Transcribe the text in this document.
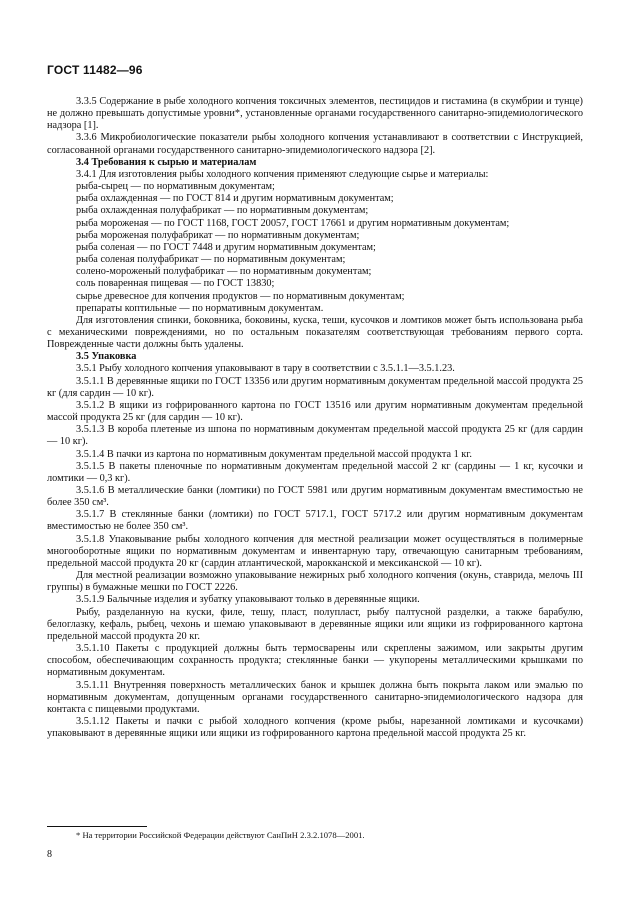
ГОСТ 11482—96

3.3.5 Содержание в рыбе холодного копчения токсичных элементов, пестицидов и гистамина (в скумбрии и тунце) не должно превышать допустимые уровни*, установленные органами государственного санитарно-эпидемиологического надзора [1].

3.3.6 Микробиологические показатели рыбы холодного копчения устанавливают в соответствии с Инструкцией, согласованной органами государственного санитарно-эпидемиологического надзора [2].

3.4 Требования к сырью и материалам

3.4.1 Для изготовления рыбы холодного копчения применяют следующие сырье и материалы:

рыба-сырец — по нормативным документам;

рыба охлажденная — по ГОСТ 814 и другим нормативным документам;

рыба охлажденная полуфабрикат — по нормативным документам;

рыба мороженая — по ГОСТ 1168, ГОСТ 20057, ГОСТ 17661 и другим нормативным документам;

рыба мороженая полуфабрикат — по нормативным документам;

рыба соленая — по ГОСТ 7448 и другим нормативным документам;

рыба соленая полуфабрикат — по нормативным документам;

солено-мороженый полуфабрикат — по нормативным документам;

соль поваренная пищевая — по ГОСТ 13830;

сырье древесное для копчения продуктов — по нормативным документам;

препараты коптильные — по нормативным документам.

Для изготовления спинки, боковника, боковины, куска, теши, кусочков и ломтиков может быть использована рыба с механическими повреждениями, но по остальным показателям соответствующая требованиям первого сорта. Поврежденные части должны быть удалены.

3.5 Упаковка

3.5.1 Рыбу холодного копчения упаковывают в тару в соответствии с 3.5.1.1—3.5.1.23.

3.5.1.1 В деревянные ящики по ГОСТ 13356 или другим нормативным документам предельной массой продукта 25 кг (для сардин — 10 кг).

3.5.1.2 В ящики из гофрированного картона по ГОСТ 13516 или другим нормативным документам предельной массой продукта 25 кг (для сардин — 10 кг).

3.5.1.3 В короба плетеные из шпона по нормативным документам предельной массой продукта 25 кг (для сардин — 10 кг).

3.5.1.4 В пачки из картона по нормативным документам предельной массой продукта 1 кг.

3.5.1.5 В пакеты пленочные по нормативным документам предельной массой 2 кг (сардины — 1 кг, кусочки и ломтики — 0,3 кг).

3.5.1.6 В металлические банки (ломтики) по ГОСТ 5981 или другим нормативным документам вместимостью не более 350 см³.

3.5.1.7 В стеклянные банки (ломтики) по ГОСТ 5717.1, ГОСТ 5717.2 или другим нормативным документам вместимостью не более 350 см³.

3.5.1.8 Упаковывание рыбы холодного копчения для местной реализации может осуществляться в полимерные многооборотные ящики по нормативным документам и инвентарную тару, отвечающую санитарным требованиям, предельной массой продукта 20 кг (сардин атлантической, марокканской и мексиканской — 10 кг).

Для местной реализации возможно упаковывание нежирных рыб холодного копчения (окунь, ставрида, мелочь III группы) в бумажные мешки по ГОСТ 2226.

3.5.1.9 Балычные изделия и зубатку упаковывают только в деревянные ящики.

Рыбу, разделанную на куски, филе, тешу, пласт, полупласт, рыбу палтусной разделки, а также барабулю, белоглазку, кефаль, рыбец, чехонь и шемаю упаковывают в деревянные ящики или ящики из гофрированного картона предельной массой продукта 20 кг.

3.5.1.10 Пакеты с продукцией должны быть термосварены или скреплены зажимом, или закрыты другим способом, обеспечивающим сохранность продукта; стеклянные банки — укупорены металлическими крышками по нормативным документам.

3.5.1.11 Внутренняя поверхность металлических банок и крышек должна быть покрыта лаком или эмалью по нормативным документам, допущенным органами государственного санитарно-эпидемиологического надзора для контакта с пищевыми продуктами.

3.5.1.12 Пакеты и пачки с рыбой холодного копчения (кроме рыбы, нарезанной ломтиками и кусочками) упаковывают в деревянные ящики или ящики из гофрированного картона предельной массой продукта 25 кг.

* На территории Российской Федерации действуют СанПиН 2.3.2.1078—2001.
8
